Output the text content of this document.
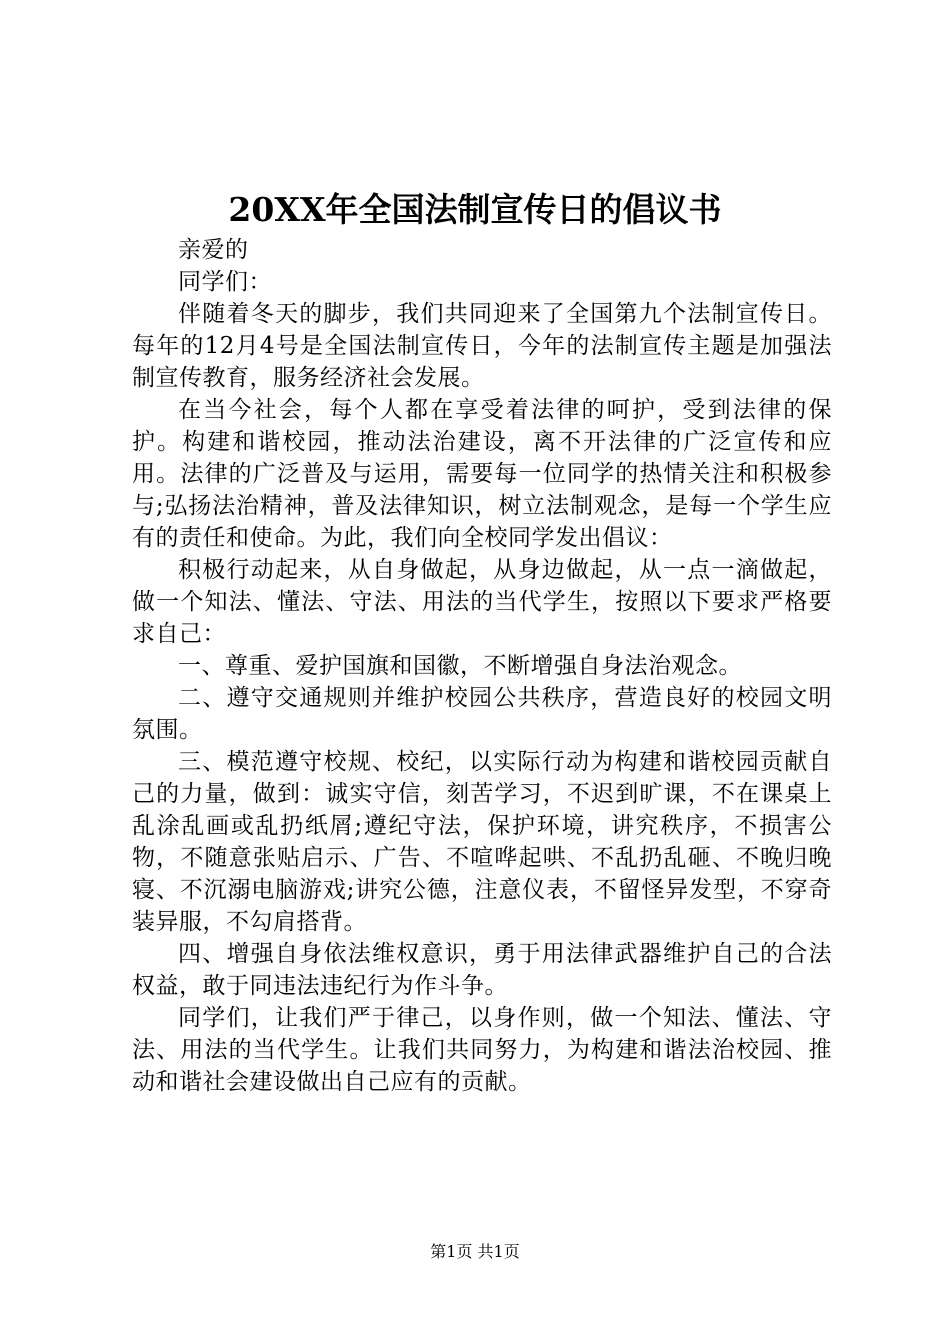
20XX年全国法制宣传日的倡议书

亲爱的

同学们：

伴随着冬天的脚步，我们共同迎来了全国第九个法制宣传日。每年的12月4号是全国法制宣传日，今年的法制宣传主题是加强法制宣传教育，服务经济社会发展。

在当今社会，每个人都在享受着法律的呵护，受到法律的保护。构建和谐校园，推动法治建设，离不开法律的广泛宣传和应用。法律的广泛普及与运用，需要每一位同学的热情关注和积极参与;弘扬法治精神，普及法律知识，树立法制观念，是每一个学生应有的责任和使命。为此，我们向全校同学发出倡议：

积极行动起来，从自身做起，从身边做起，从一点一滴做起，做一个知法、懂法、守法、用法的当代学生，按照以下要求严格要求自己：

一、尊重、爱护国旗和国徽，不断增强自身法治观念。

二、遵守交通规则并维护校园公共秩序，营造良好的校园文明氛围。

三、模范遵守校规、校纪，以实际行动为构建和谐校园贡献自己的力量，做到：诚实守信，刻苦学习，不迟到旷课，不在课桌上乱涂乱画或乱扔纸屑;遵纪守法，保护环境，讲究秩序，不损害公物，不随意张贴启示、广告、不喧哗起哄、不乱扔乱砸、不晚归晚寝、不沉溺电脑游戏;讲究公德，注意仪表，不留怪异发型，不穿奇装异服，不勾肩搭背。

四、增强自身依法维权意识，勇于用法律武器维护自己的合法权益，敢于同违法违纪行为作斗争。

同学们，让我们严于律己，以身作则，做一个知法、懂法、守法、用法的当代学生。让我们共同努力，为构建和谐法治校园、推动和谐社会建设做出自己应有的贡献。

第1页 共1页
